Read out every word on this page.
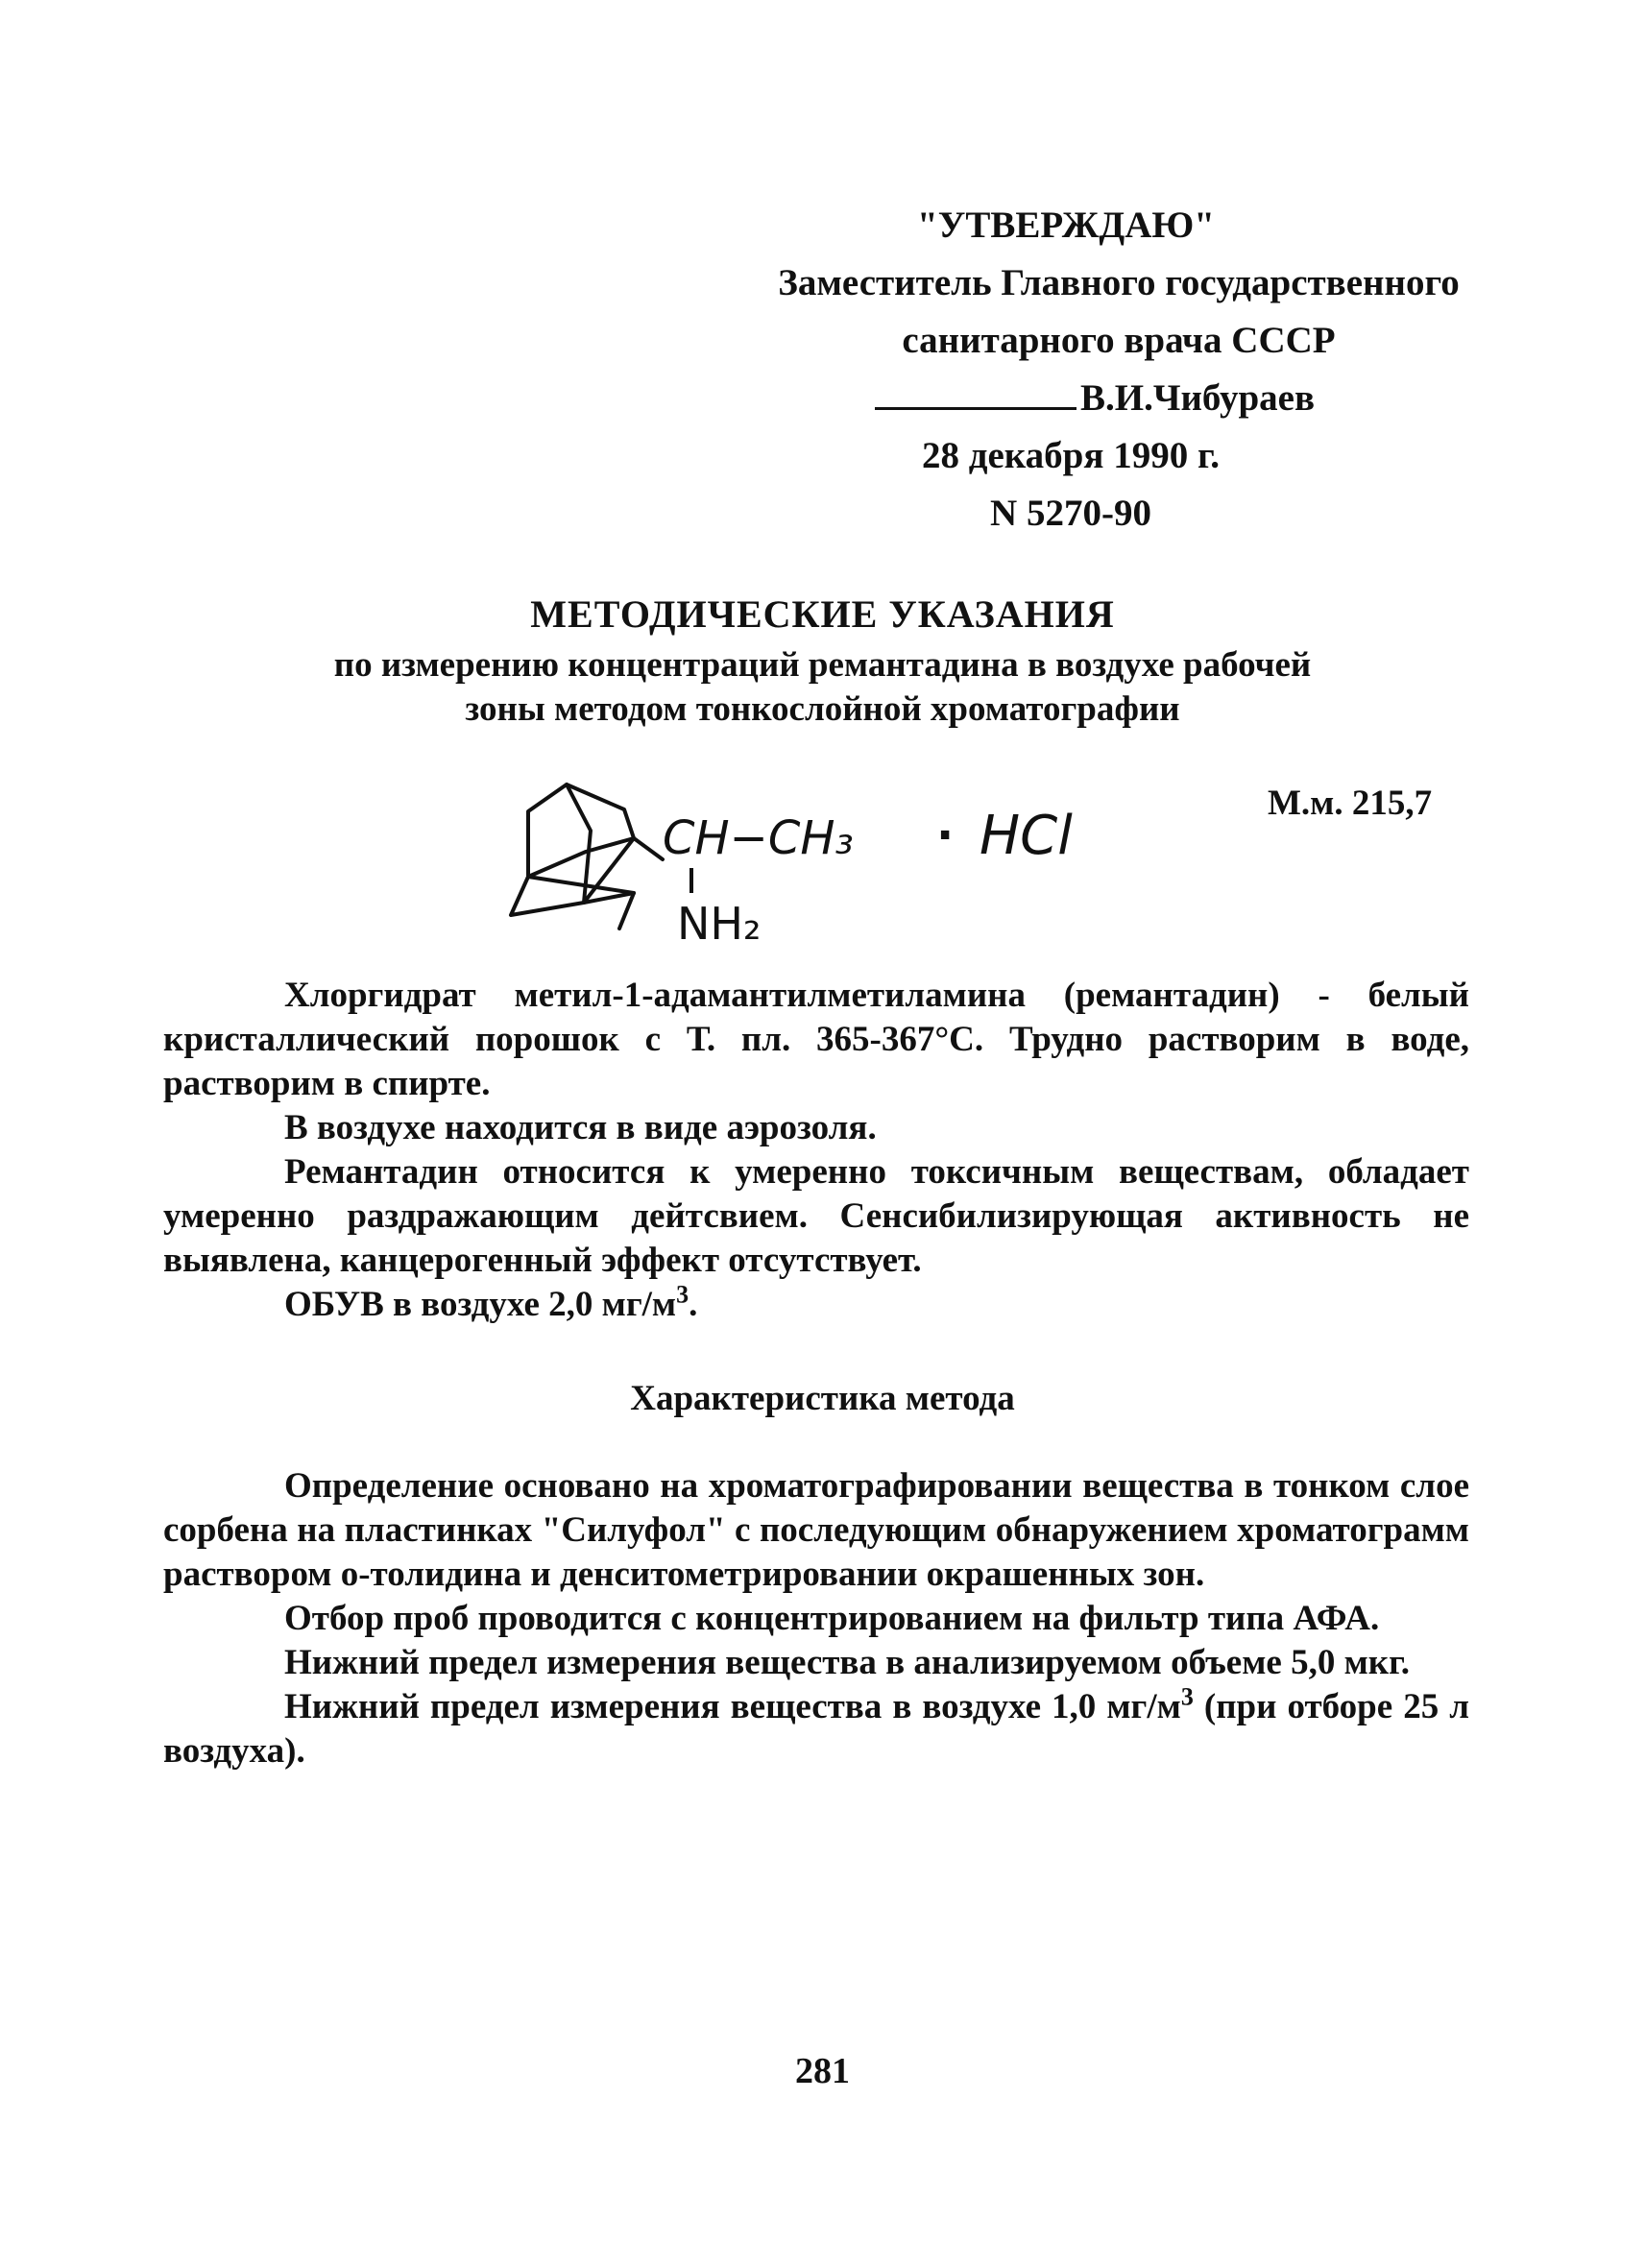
"УТВЕРЖДАЮ"
Заместитель Главного государственного
санитарного врача СССР
В.И.Чибураев
28 декабря 1990 г.
N 5270-90
МЕТОДИЧЕСКИЕ УКАЗАНИЯ
по измерению концентраций ремантадина в воздухе рабочей
зоны методом тонкослойной хроматографии
CH−CH₃ · HCl
NH₂
М.м. 215,7

Хлоргидрат метил-1-адамантилметиламина (ремантадин) - белый кристаллический порошок с Т. пл. 365-367°С. Трудно растворим в воде, растворим в спирте.

В воздухе находится в виде аэрозоля.

Ремантадин относится к умеренно токсичным веществам, обладает умеренно раздражающим дейтсвием. Сенсибилизирующая активность не выявлена, канцерогенный эффект отсутствует.

ОБУВ в воздухе 2,0 $мг/м^3$.

Характеристика метода

Определение основано на хроматографировании вещества в тонком слое сорбена на пластинках "Силуфол" с последующим обнаружением хроматограмм раствором о-толидина и денситометрировании окрашенных зон.

Отбор проб проводится с концентрированием на фильтр типа АФА.

Нижний предел измерения вещества в анализируемом объеме 5,0 мкг.

Нижний предел измерения вещества в воздухе 1,0 $мг/м^3$ (при отборе 25 л воздуха).

281
